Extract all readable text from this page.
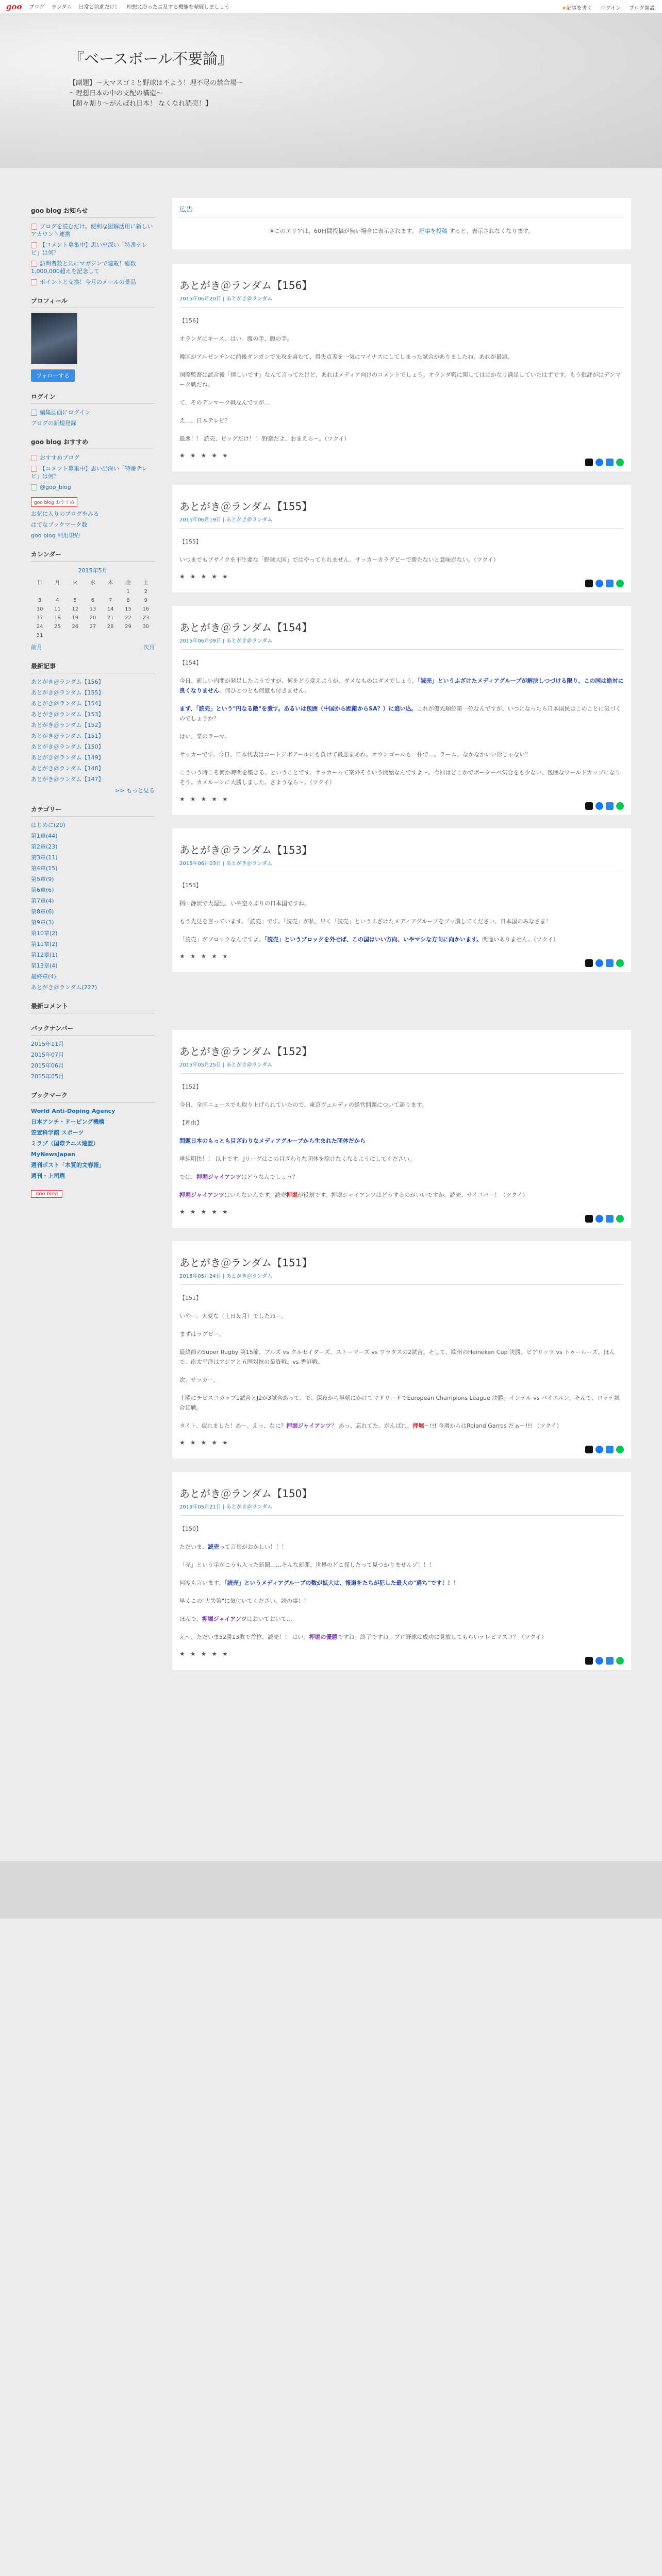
goo ブログ ランダム 日常と前進だけ！ 理想に沿った言及する機能を発展しましょう	★ 記事を書く ログイン ブログ開設
『ベースボール不要論』
【副題】〜大マスゴミと野球は不よう！理不尽の禁合場〜
〜理想日本の中の支配の構造〜
【超々割り〜がんばれ日本！ なくなれ読売！】
goo blog お知らせ
ブログを読むだけ。便利な図解活用に新しいアカウント連携
【コメント募集中】思い出深い「特番テレビ」は何？
訪問者数と共にマガジンで連載！総数1,000,000超えを記念して
ポイントと交換！今月のメールの景品
プロフィール
フォローする
ログイン
編集画面にログイン
ブログの新規登録
goo blog おすすめ
おすすめブログ
【コメント募集中】思い出深い「特番テレビ」は何？
@goo_blog
goo blog おすすめ
お気に入りのブログをみる
はてなブックマーク数
goo blog 利用規約
カレンダー
2015年5月
日	月	火	水	木	金	土
					1	2
3	4	5	6	7	8	9
10	11	12	13	14	15	16
17	18	19	20	21	22	23
24	25	26	27	28	29	30
31						
前月	次月
最新記事
あとがき＠ランダム【156】
あとがき＠ランダム【155】
あとがき＠ランダム【154】
あとがき＠ランダム【153】
あとがき＠ランダム【152】
あとがき＠ランダム【151】
あとがき＠ランダム【150】
あとがき＠ランダム【149】
あとがき＠ランダム【148】
あとがき＠ランダム【147】
>> もっと見る
カテゴリー
はじめに(20)
第1章(44)
第2章(23)
第3章(11)
第4章(15)
第5章(9)
第6章(6)
第7章(4)
第8章(6)
第9章(3)
第10章(2)
第11章(2)
第12章(1)
第13章(4)
最終章(4)
あとがき＠ランダム(227)
最新コメント
バックナンバー
2015年11月
2015年07月
2015年06月
2015年05月
ブックマーク
World Anti-Doping Agency
日本アンチ・ドーピング機構
笠置科学館 スポーツ
ミラブ（国際テニス連盟）
MyNewsJapan
週刊ポスト「本質的文春報」
週刊・上司週
goo blog
広告
※このエリアは、60日間投稿が無い場合に表示されます。 記事を投稿 すると、表示されなくなります。
あとがき＠ランダム【156】
2015年06月20日 | あとがき＠ランダム

【156】

オランダにキース、はい。腹の手、腹の手。

韓国がアルゼンチンに前後ダンガンで先攻を喜むて、得失点差を一気にマイナスにしてしまった試合がありましたね。あれが最悪。

国際監督は試合後「情しいです」なんて言ってたけど、あれはメディア向けのコメントでしょう。オランダ戦に関してははかなり満足していたはずです。もう批評がはデンマーク戦だね。

て、そのデンマーク戦なんですが…

え…、日本テレビ？

最悪！！ 読売、ビッグだけ！！ 野蛮だよ、おまえら〜。（ツクイ）

★★★★★
あとがき＠ランダム【155】
2015年06月19日 | あとがき＠ランダム

【155】

いつまでもブサイクを不生要な「野球大国」ではやってられません。サッカーカラグビーで勝たないと意味がない。（ツクイ）

★★★★★
あとがき＠ランダム【154】
2015年06月09日 | あとがき＠ランダム

【154】

今日、新しい内閣が発足したようですが、何をどう変えようが、ダメなものはダメでしょう。「読売」というふざけたメディアグループが解決しつづける限り、この国は絶対に良くなりません。何ひとつとも何億も付きません。

まず、「読売」という"円なる敵"を潰す。あるいは包囲（中国から距離からSA？）に追い込。これが優先順位第一位なんですが、いつになったら日本国民はこのことに気づくのでしょうか？

はい、菜のラーマ。

サッカーです。今日、日本代表はコートジボアールにも負けて最悪まあれ。オウンゴールも一杯で…。ラーム、なかなかいい形じゃない？

こういう時こそ何か時間を築きる。ということです。サッカーって案外そういう開始なんですよ〜。今回はどこかでボーターべ気合をも少ない、包囲なワールドカップになりそう。カメルーンに大勝しました。さようなら〜。（ツクイ）

★★★★★
あとがき＠ランダム【153】
2015年06月03日 | あとがき＠ランダム

【153】

掲山静状で大湿乱、いや空々ぶりの日本国ですね。

もう先見を言っています。「読売」です。「読売」が私、早く「読売」というふざけたメディアグループをブッ潰してください。日本国のみなさま！

「読売」がブロックなんですよ。「読売」というブロックを外せば、この国はいい方向、いやマシな方向に向かいます。間違いありません。（ツクイ）

★★★★★
あとがき＠ランダム【152】
2015年05月25日 | あとがき＠ランダム

【152】

今日、全国ニュースでも取り上げられていたので、東京ヴェルディの経営問題について語ります。

【理由】

問題日本のもっとも目ざわりなメディアグループから生まれた団体だから

単純明快！！ 以上です。Jリーグはこの目ざわりな団体を除けなくなるようにしてください。

では、押堀ジャイアンツはどうなんでしょう？

押堀ジャイアンツはいらないんです。読売押堀が役割です。押堀ジャイアンツはどうするのがいいですか、読売、サイコパー！（ツクイ）

★★★★★
あとがき＠ランダム【151】
2015年05月24日 | あとがき＠ランダム

【151】

いやー、大変な（土日＆月）でしたねー。

まずはラグビー。

最終節のSuper Rugby 第15節。ブルズ vs クルセイダーズ、ストーマーズ vs ワラタスの2試合。そして、欧州のHeineken Cup 決勝。ビアリッツ vs トゥールーズ。ほんで、南太平洋はアジアと五国対抗の最終戦。vs 香港戦。

次、サッカー。

土曜にチビスコカップ1試合とJ2が3試合あって、で、深夜から早朝にかけてマドリードでEuropean Champions League 決勝。インテル vs バイエルン。そんで、ロッテ試合延戦。

タイト、疲れました！あー。えっ、なに？押堀ジャイアンツ？ あっ、忘れてた。がんばれ、押堀〜!!! 今週からはRoland Garros だぁ〜!!! （ツクイ）

★★★★★
あとがき＠ランダム【150】
2015年05月21日 | あとがき＠ランダム

【150】

ただいま、読売って言葉がおかしい！！！

「売」という字がこうも入った新聞……そんな新聞、世界のどこ探したって見つかりませんゾ！！！

何度も言います。「読売」というメディアグループの数が拡大は、報道をたちが犯した最大の"過ち"です！！！

早くこの"大失策"に気付いてください。読の事！！

ほんで、押堀ジャイアンツはおいておいて…

え〜、ただいま52勝13敗で首位、読売！！ はい。押堀の優勝ですね。終了ですね。プロ野球は成功に見放してもらいテレビマスコ？（ツクイ）

★★★★★
